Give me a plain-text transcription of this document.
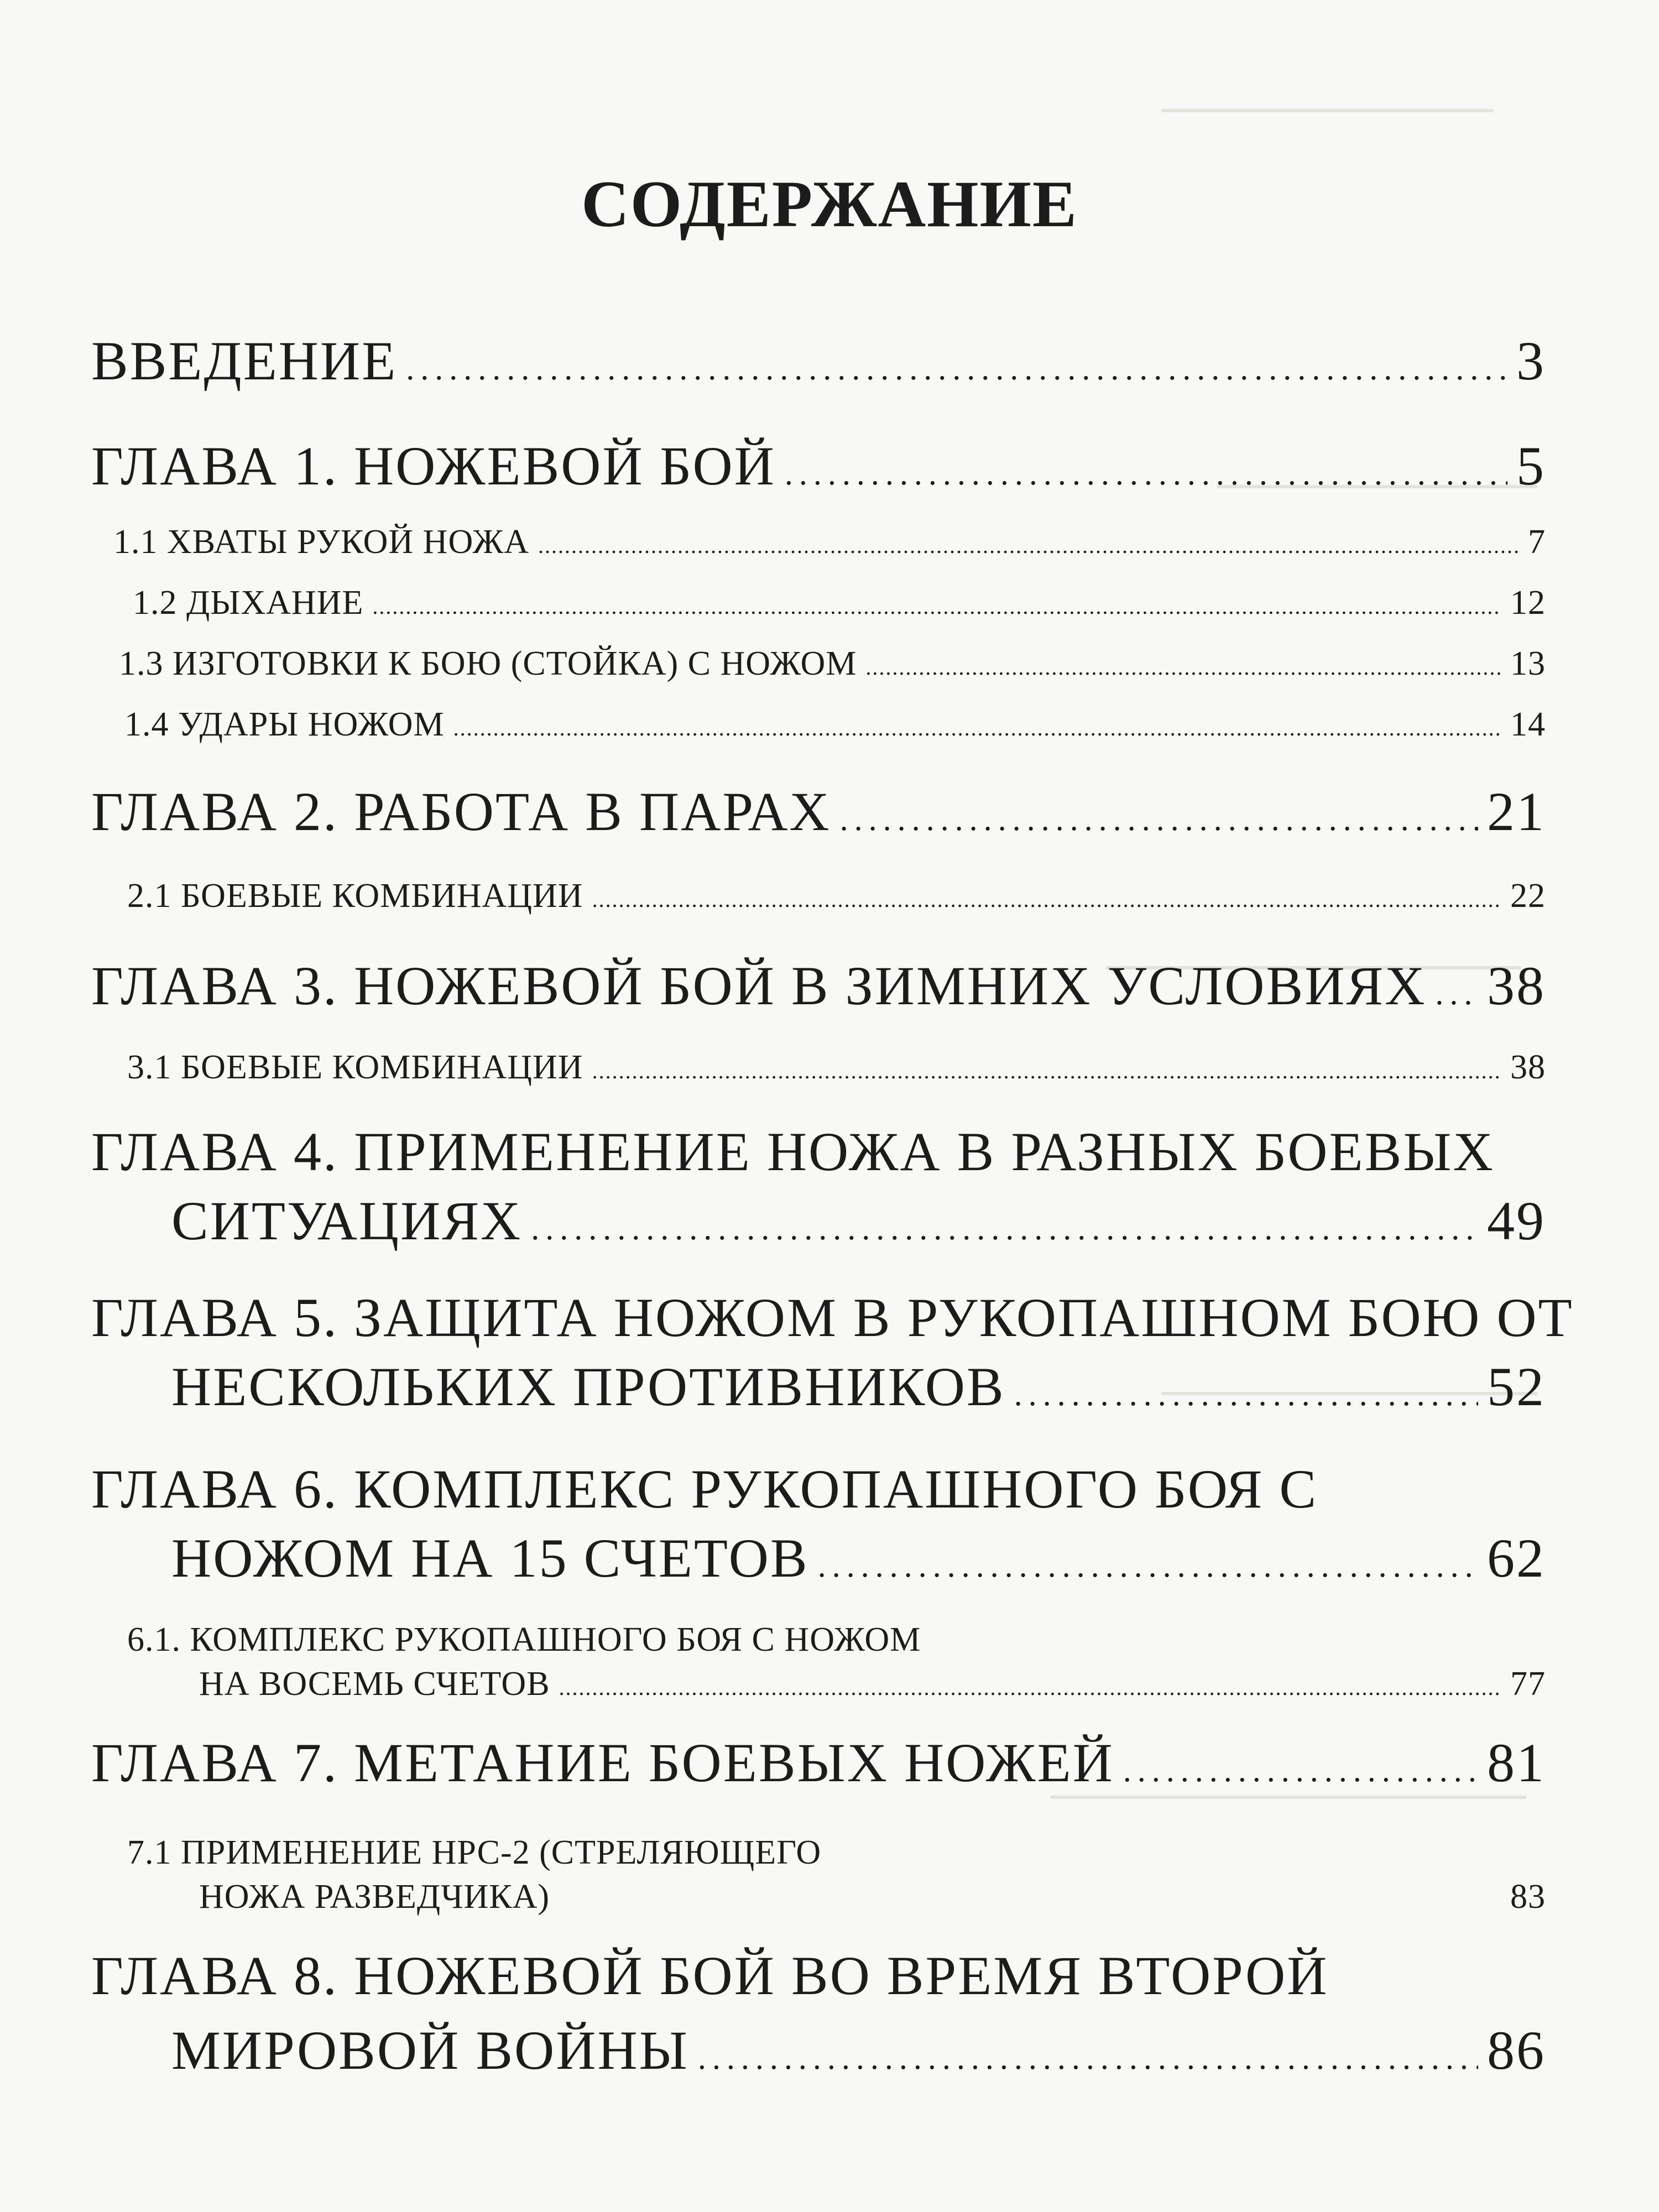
СОДЕРЖАНИЕ
ВВЕДЕНИЕ . . .	3
ГЛАВА 1. НОЖЕВОЙ БОЙ . . .	5
1.1 ХВАТЫ РУКОЙ НОЖА . . .	7
1.2 ДЫХАНИЕ . . .	12
1.3 ИЗГОТОВКИ К БОЮ (СТОЙКА) С НОЖОМ . . .	13
1.4 УДАРЫ НОЖОМ . . .	14
ГЛАВА 2. РАБОТА В ПАРАХ . . .	21
2.1 БОЕВЫЕ КОМБИНАЦИИ . . .	22
ГЛАВА 3. НОЖЕВОЙ БОЙ В ЗИМНИХ УСЛОВИЯХ . . . 38
3.1 БОЕВЫЕ КОМБИНАЦИИ . . .	38
ГЛАВА 4. ПРИМЕНЕНИЕ НОЖА В РАЗНЫХ БОЕВЫХ
СИТУАЦИЯХ . . .	49
ГЛАВА 5. ЗАЩИТА НОЖОМ В РУКОПАШНОМ БОЮ ОТ
НЕСКОЛЬКИХ ПРОТИВНИКОВ . . .	52
ГЛАВА 6. КОМПЛЕКС РУКОПАШНОГО БОЯ С
НОЖОМ НА 15 СЧЕТОВ . . .	62
6.1. КОМПЛЕКС РУКОПАШНОГО БОЯ С НОЖОМ
НА ВОСЕМЬ СЧЕТОВ . . .	77
ГЛАВА 7. МЕТАНИЕ БОЕВЫХ НОЖЕЙ . . .	81
7.1 ПРИМЕНЕНИЕ НРС-2 (СТРЕЛЯЮЩЕГО
НОЖА РАЗВЕДЧИКА)	83
ГЛАВА 8. НОЖЕВОЙ БОЙ ВО ВРЕМЯ ВТОРОЙ
МИРОВОЙ ВОЙНЫ . . .	86
